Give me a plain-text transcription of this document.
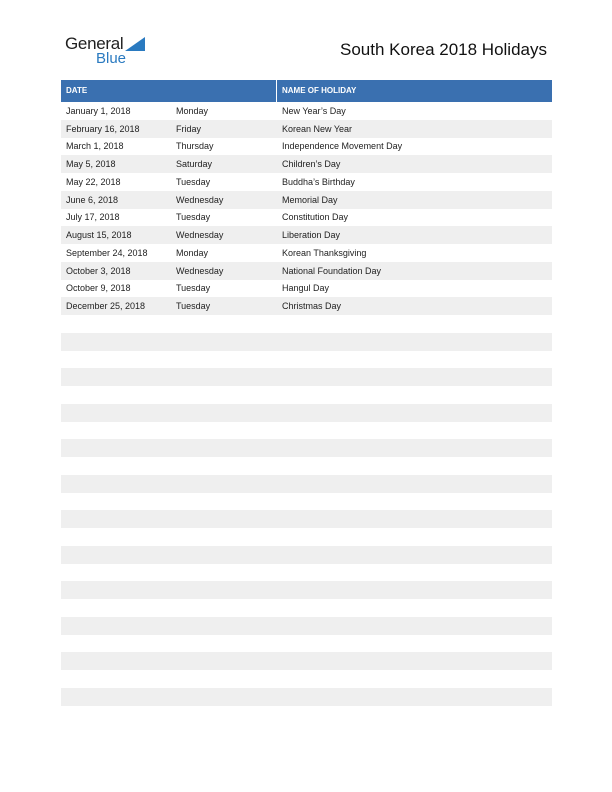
General
Blue	South Korea 2018 Holidays
DATE	NAME OF HOLIDAY
January 1, 2018	Monday	New Year’s Day
February 16, 2018	Friday	Korean New Year
March 1, 2018	Thursday	Independence Movement Day
May 5, 2018	Saturday	Children’s Day
May 22, 2018	Tuesday	Buddha’s Birthday
June 6, 2018	Wednesday	Memorial Day
July 17, 2018	Tuesday	Constitution Day
August 15, 2018	Wednesday	Liberation Day
September 24, 2018	Monday	Korean Thanksgiving
October 3, 2018	Wednesday	National Foundation Day
October 9, 2018	Tuesday	Hangul Day
December 25, 2018	Tuesday	Christmas Day
